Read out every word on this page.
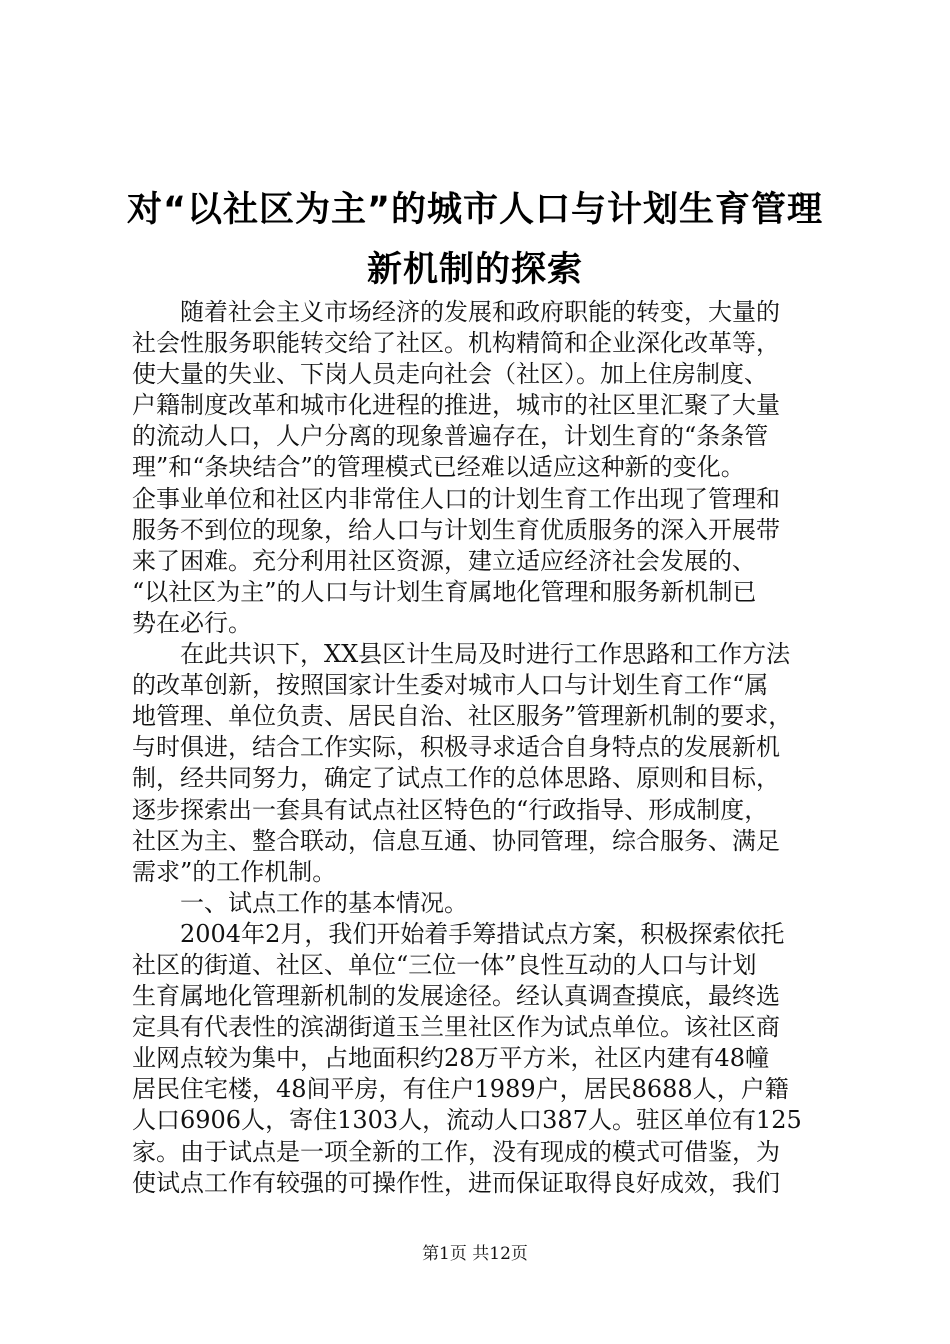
对“以社区为主”的城市人口与计划生育管理
新机制的探索
　　随着社会主义市场经济的发展和政府职能的转变，大量的
社会性服务职能转交给了社区。机构精简和企业深化改革等，
使大量的失业、下岗人员走向社会（社区）。加上住房制度、
户籍制度改革和城市化进程的推进，城市的社区里汇聚了大量
的流动人口，人户分离的现象普遍存在，计划生育的“条条管
理”和“条块结合”的管理模式已经难以适应这种新的变化。
企事业单位和社区内非常住人口的计划生育工作出现了管理和
服务不到位的现象，给人口与计划生育优质服务的深入开展带
来了困难。充分利用社区资源，建立适应经济社会发展的、
“以社区为主”的人口与计划生育属地化管理和服务新机制已
势在必行。
　　在此共识下，XX县区计生局及时进行工作思路和工作方法
的改革创新，按照国家计生委对城市人口与计划生育工作“属
地管理、单位负责、居民自治、社区服务”管理新机制的要求，
与时俱进，结合工作实际，积极寻求适合自身特点的发展新机
制，经共同努力，确定了试点工作的总体思路、原则和目标，
逐步探索出一套具有试点社区特色的“行政指导、形成制度，
社区为主、整合联动，信息互通、协同管理，综合服务、满足
需求”的工作机制。
　　一、试点工作的基本情况。
　　2004年2月，我们开始着手筹措试点方案，积极探索依托
社区的街道、社区、单位“三位一体”良性互动的人口与计划
生育属地化管理新机制的发展途径。经认真调查摸底，最终选
定具有代表性的滨湖街道玉兰里社区作为试点单位。该社区商
业网点较为集中，占地面积约28万平方米，社区内建有48幢
居民住宅楼，48间平房，有住户1989户，居民8688人，户籍
人口6906人，寄住1303人，流动人口387人。驻区单位有125
家。由于试点是一项全新的工作，没有现成的模式可借鉴，为
使试点工作有较强的可操作性，进而保证取得良好成效，我们
第1页 共12页
